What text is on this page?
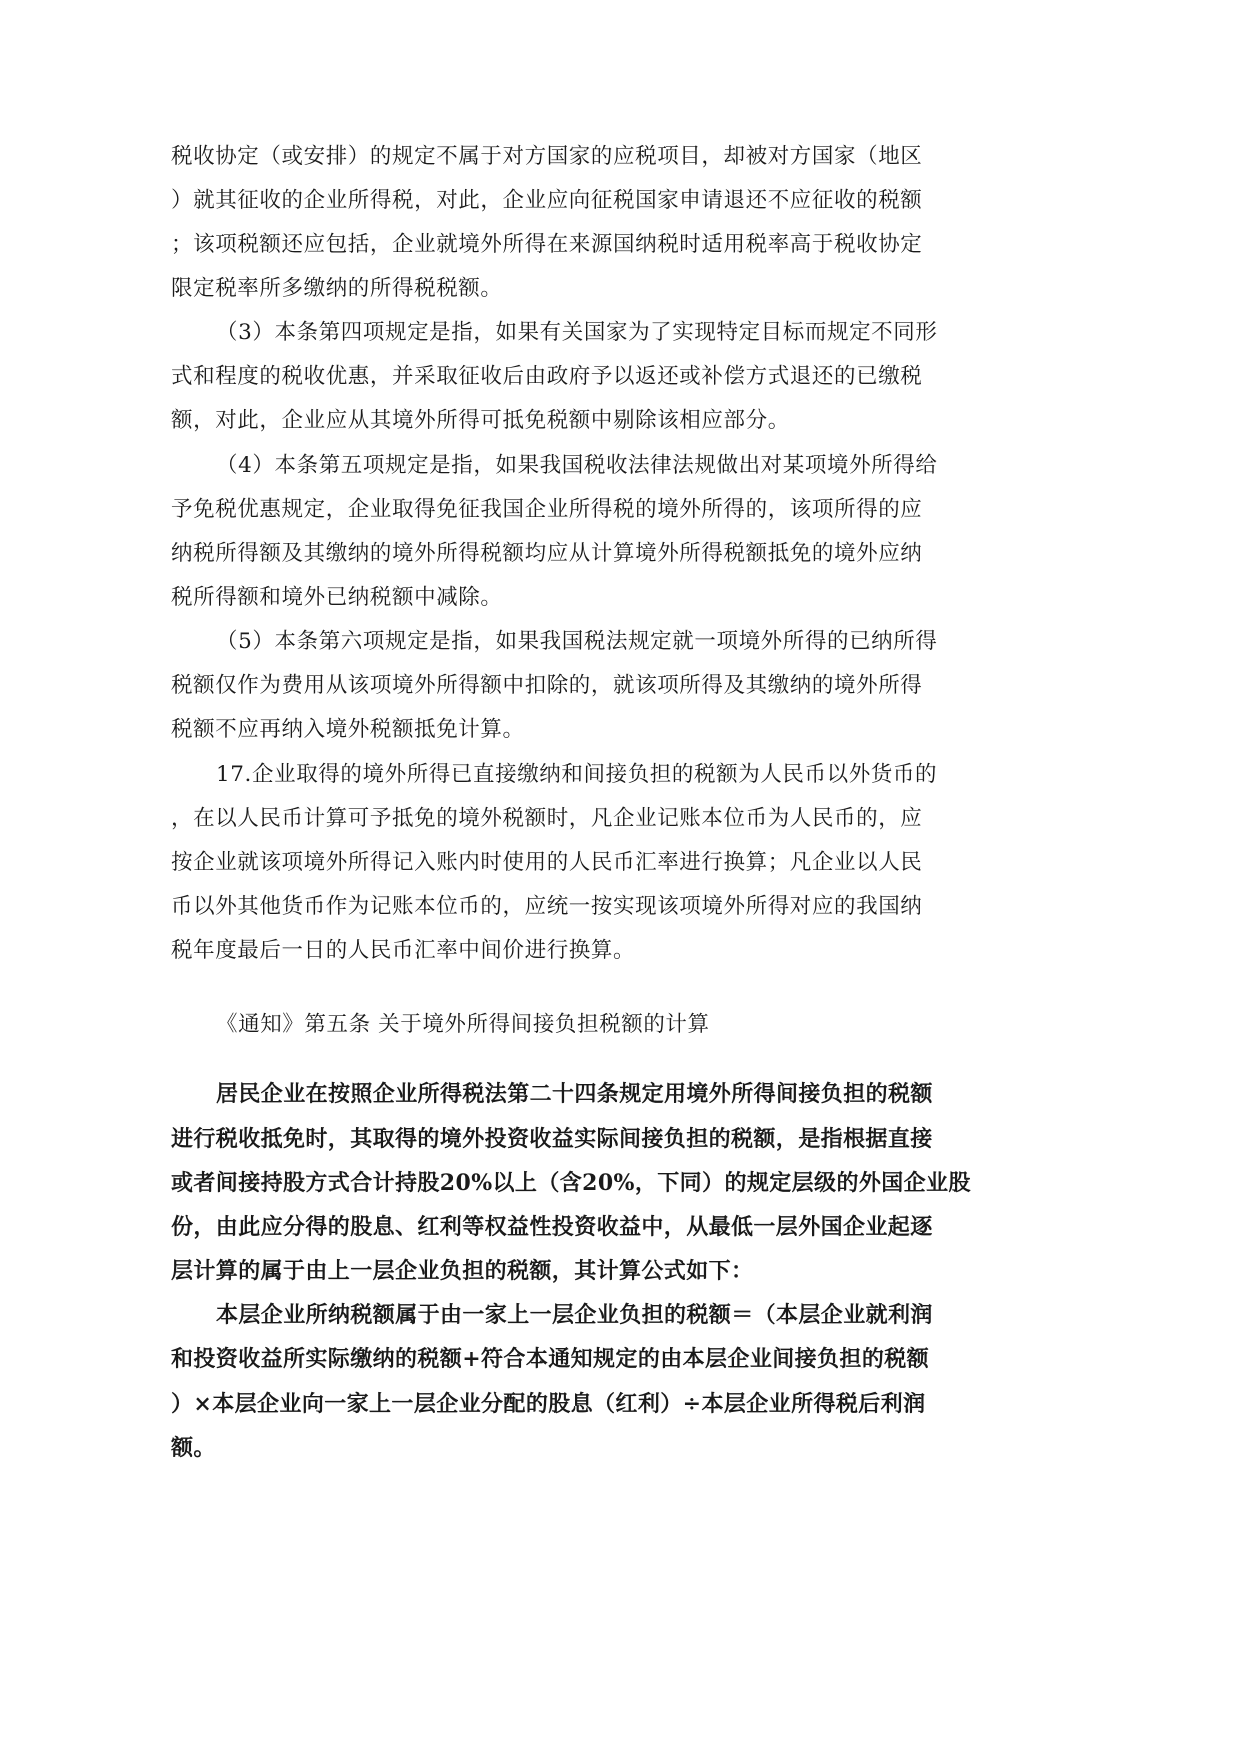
税收协定（或安排）的规定不属于对方国家的应税项目，却被对方国家（地区
）就其征收的企业所得税，对此，企业应向征税国家申请退还不应征收的税额
；该项税额还应包括，企业就境外所得在来源国纳税时适用税率高于税收协定
限定税率所多缴纳的所得税税额。
（3）本条第四项规定是指，如果有关国家为了实现特定目标而规定不同形
式和程度的税收优惠，并采取征收后由政府予以返还或补偿方式退还的已缴税
额，对此，企业应从其境外所得可抵免税额中剔除该相应部分。
（4）本条第五项规定是指，如果我国税收法律法规做出对某项境外所得给
予免税优惠规定，企业取得免征我国企业所得税的境外所得的，该项所得的应
纳税所得额及其缴纳的境外所得税额均应从计算境外所得税额抵免的境外应纳
税所得额和境外已纳税额中减除。
（5）本条第六项规定是指，如果我国税法规定就一项境外所得的已纳所得
税额仅作为费用从该项境外所得额中扣除的，就该项所得及其缴纳的境外所得
税额不应再纳入境外税额抵免计算。
17.企业取得的境外所得已直接缴纳和间接负担的税额为人民币以外货币的
，在以人民币计算可予抵免的境外税额时，凡企业记账本位币为人民币的，应
按企业就该项境外所得记入账内时使用的人民币汇率进行换算；凡企业以人民
币以外其他货币作为记账本位币的，应统一按实现该项境外所得对应的我国纳
税年度最后一日的人民币汇率中间价进行换算。
《通知》第五条 关于境外所得间接负担税额的计算
居民企业在按照企业所得税法第二十四条规定用境外所得间接负担的税额
进行税收抵免时，其取得的境外投资收益实际间接负担的税额，是指根据直接
或者间接持股方式合计持股20%以上（含20%，下同）的规定层级的外国企业股
份，由此应分得的股息、红利等权益性投资收益中，从最低一层外国企业起逐
层计算的属于由上一层企业负担的税额，其计算公式如下：
本层企业所纳税额属于由一家上一层企业负担的税额＝（本层企业就利润
和投资收益所实际缴纳的税额+符合本通知规定的由本层企业间接负担的税额
）×本层企业向一家上一层企业分配的股息（红利）÷本层企业所得税后利润
额。
